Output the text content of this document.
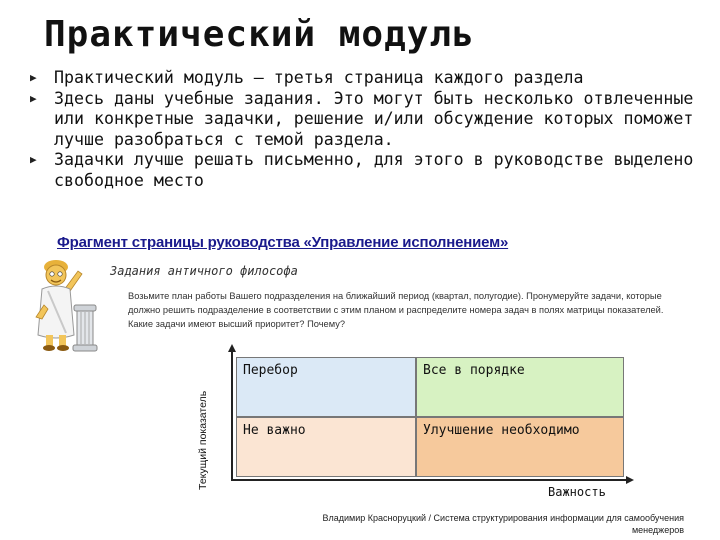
Практический модуль
▶ Практический модуль – третья страница каждого раздела
▶ Здесь даны учебные задания. Это могут быть несколько отвлеченные или конкретные задачки, решение и/или обсуждение которых поможет лучше разобраться с темой раздела.
▶ Задачки лучше решать письменно, для этого в руководстве выделено свободное место
Фрагмент страницы руководства «Управление исполнением»
Задания античного философа
Возьмите план работы Вашего подразделения на ближайший период (квартал, полугодие). Пронумеруйте задачи, которые должно решить подразделение в соответствии с этим планом и распределите номера задач в полях матрицы показателей. Какие задачи имеют высший приоритет? Почему?
Текущий показатель
Перебор	Все в порядке
Не важно	Улучшение необходимо
Важность
Владимир Красноруцкий / Система структурирования информации для самообучения менеджеров
